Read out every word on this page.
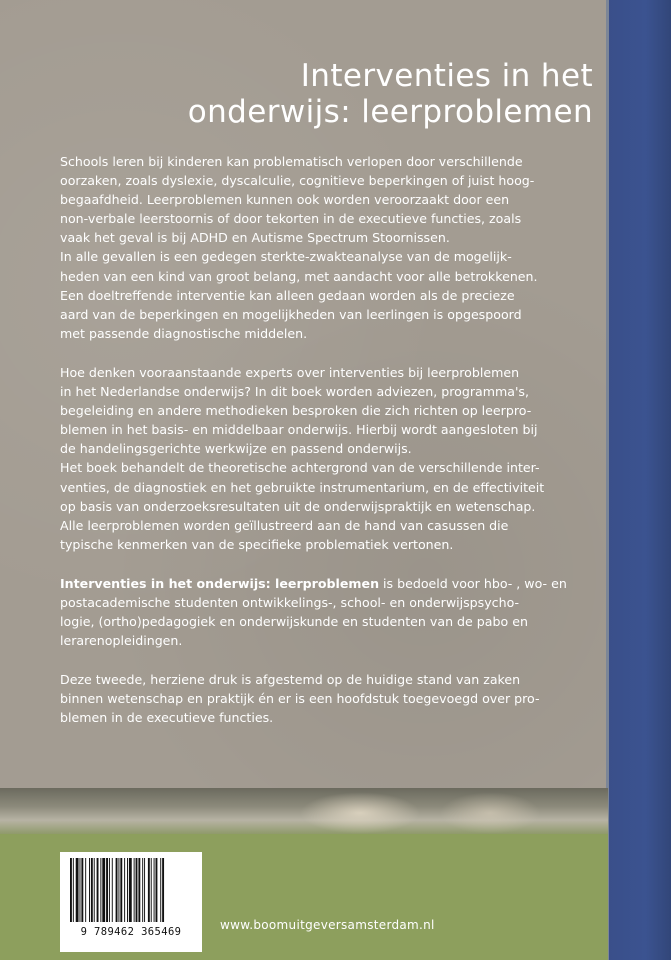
Interventies in het
onderwijs: leerproblemen

Schools leren bij kinderen kan problematisch verlopen door verschillende
oorzaken, zoals dyslexie, dyscalculie, cognitieve beperkingen of juist hoog-
begaafdheid. Leerproblemen kunnen ook worden veroorzaakt door een
non-verbale leerstoornis of door tekorten in de executieve functies, zoals
vaak het geval is bij ADHD en Autisme Spectrum Stoornissen.
In alle gevallen is een gedegen sterkte-zwakteanalyse van de mogelijk-
heden van een kind van groot belang, met aandacht voor alle betrokkenen.
Een doeltreffende interventie kan alleen gedaan worden als de precieze
aard van de beperkingen en mogelijkheden van leerlingen is opgespoord
met passende diagnostische middelen.

Hoe denken vooraanstaande experts over interventies bij leerproblemen
in het Nederlandse onderwijs? In dit boek worden adviezen, programma's,
begeleiding en andere methodieken besproken die zich richten op leerpro-
blemen in het basis- en middelbaar onderwijs. Hierbij wordt aangesloten bij
de handelingsgerichte werkwijze en passend onderwijs.
Het boek behandelt de theoretische achtergrond van de verschillende inter-
venties, de diagnostiek en het gebruikte instrumentarium, en de effectiviteit
op basis van onderzoeksresultaten uit de onderwijspraktijk en wetenschap.
Alle leerproblemen worden geïllustreerd aan de hand van casussen die
typische kenmerken van de specifieke problematiek vertonen.

Interventies in het onderwijs: leerproblemen is bedoeld voor hbo- , wo- en
postacademische studenten ontwikkelings-, school- en onderwijspsycho-
logie, (ortho)pedagogiek en onderwijskunde en studenten van de pabo en
lerarenopleidingen.

Deze tweede, herziene druk is afgestemd op de huidige stand van zaken
binnen wetenschap en praktijk én er is een hoofdstuk toegevoegd over pro-
blemen in de executieve functies.

9 789462 365469	www.boomuitgeversamsterdam.nl
